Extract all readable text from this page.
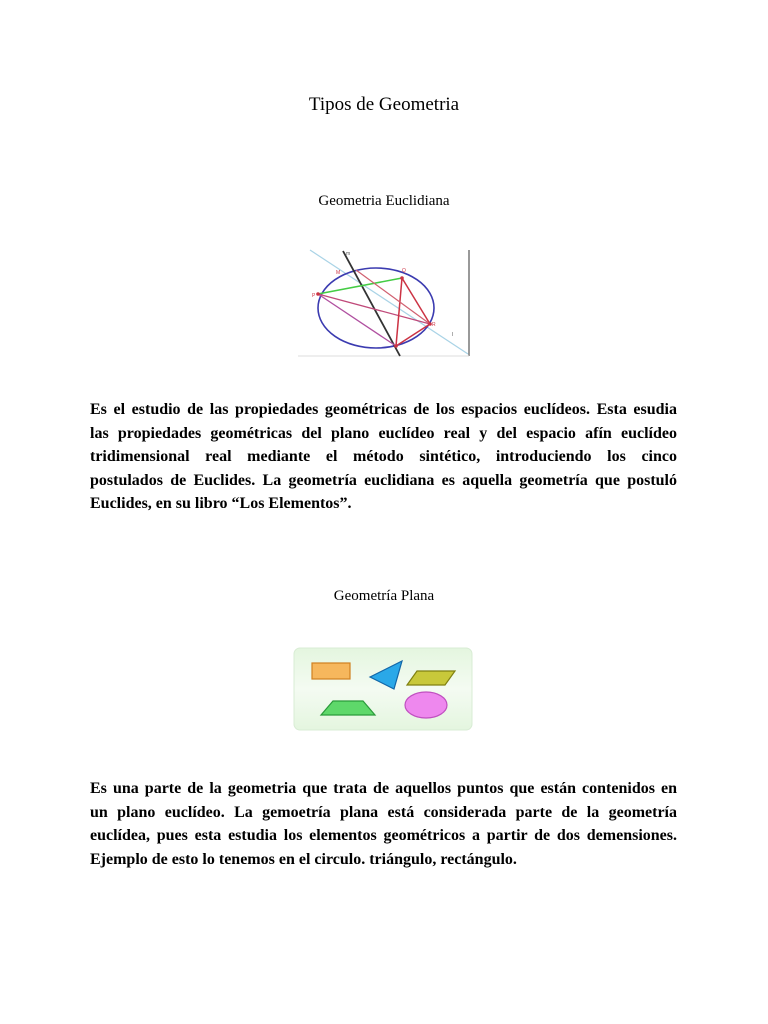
Tipos de Geometria
Geometria Euclidiana
m
M	Q
P
R
I
Es el estudio de las propiedades geométricas de los espacios euclídeos. Esta esudia
las propiedades geométricas del plano euclídeo real y del espacio afín euclídeo
tridimensional real mediante el método sintético, introduciendo los cinco
postulados de Euclides. La geometría euclidiana es aquella geometría que postuló
Euclides, en su libro “Los Elementos”.
Geometría Plana
Es una parte de la geometria que trata de aquellos puntos que están contenidos en
un plano euclídeo. La gemoetría plana está considerada parte de la geometría
euclídea, pues esta estudia los elementos geométricos a partir de dos demensiones.
Ejemplo de esto lo tenemos en el circulo. triángulo, rectángulo.
